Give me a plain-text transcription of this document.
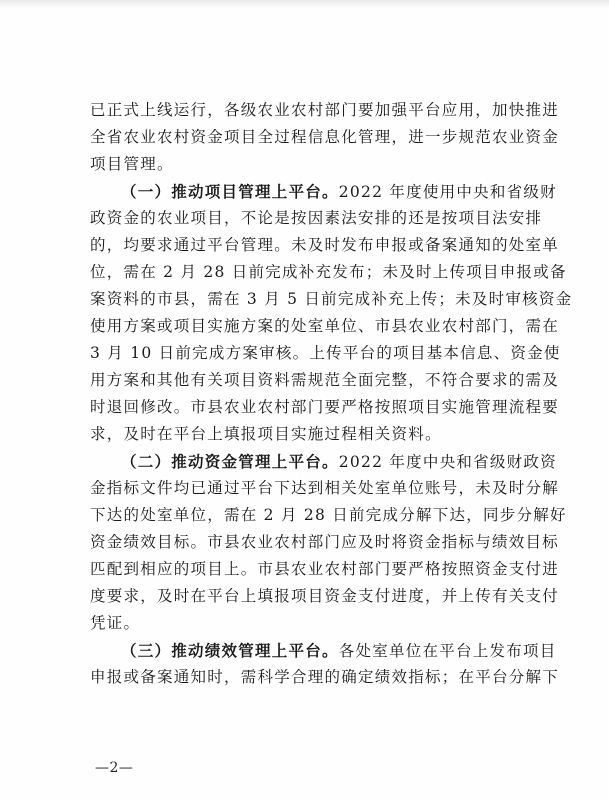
已正式上线运行，各级农业农村部门要加强平台应用，加快推进
全省农业农村资金项目全过程信息化管理，进一步规范农业资金
项目管理。
（一）推动项目管理上平台。2022 年度使用中央和省级财
政资金的农业项目，不论是按因素法安排的还是按项目法安排
的，均要求通过平台管理。未及时发布申报或备案通知的处室单
位，需在 2 月 28 日前完成补充发布；未及时上传项目申报或备
案资料的市县，需在 3 月 5 日前完成补充上传；未及时审核资金
使用方案或项目实施方案的处室单位、市县农业农村部门，需在
3 月 10 日前完成方案审核。上传平台的项目基本信息、资金使
用方案和其他有关项目资料需规范全面完整，不符合要求的需及
时退回修改。市县农业农村部门要严格按照项目实施管理流程要
求，及时在平台上填报项目实施过程相关资料。
（二）推动资金管理上平台。2022 年度中央和省级财政资
金指标文件均已通过平台下达到相关处室单位账号，未及时分解
下达的处室单位，需在 2 月 28 日前完成分解下达，同步分解好
资金绩效目标。市县农业农村部门应及时将资金指标与绩效目标
匹配到相应的项目上。市县农业农村部门要严格按照资金支付进
度要求，及时在平台上填报项目资金支付进度，并上传有关支付
凭证。
（三）推动绩效管理上平台。各处室单位在平台上发布项目
申报或备案通知时，需科学合理的确定绩效指标；在平台分解下
—2—
